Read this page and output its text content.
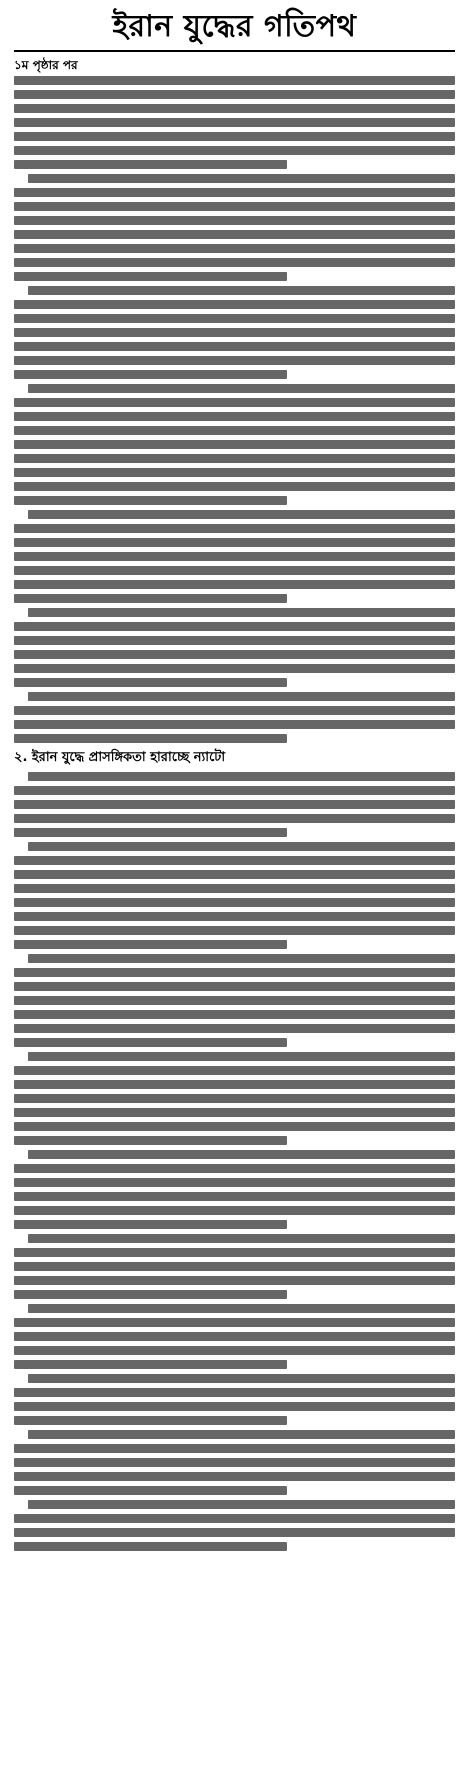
ইরান যুদ্ধের গতিপথ
১ম পৃষ্ঠার পর
২. ইরান যুদ্ধে প্রাসঙ্গিকতা হারাচ্ছে ন্যাটো
